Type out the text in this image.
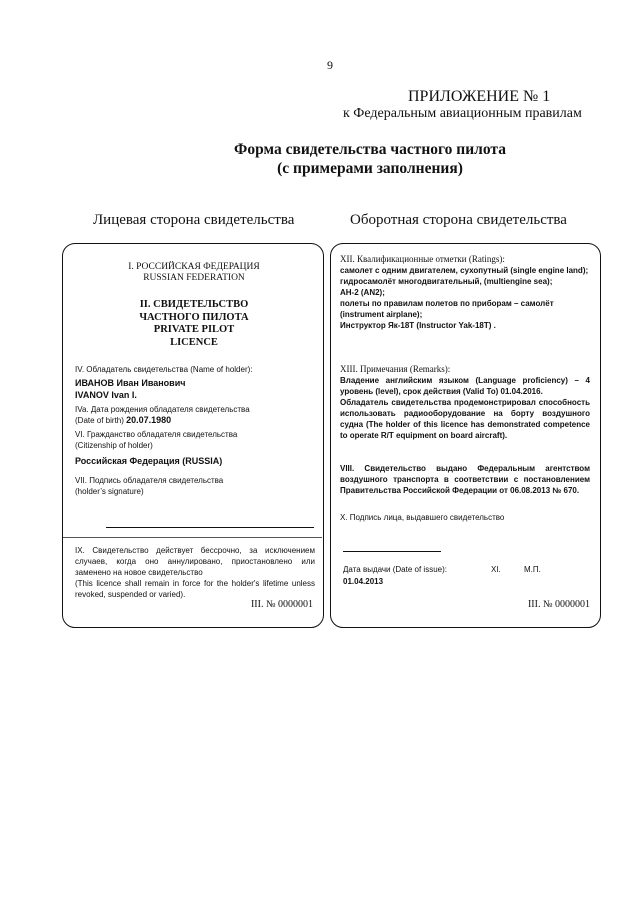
9
ПРИЛОЖЕНИЕ № 1
к Федеральным авиационным правилам
Форма свидетельства частного пилота
(с примерами заполнения)
Лицевая сторона свидетельства	Оборотная сторона свидетельства
I. РОССИЙСКАЯ ФЕДЕРАЦИЯ
RUSSIAN FEDERATION
II. СВИДЕТЕЛЬСТВО
ЧАСТНОГО ПИЛОТА
PRIVATE PILOT
LICENCE
IV. Обладатель свидетельства (Name of holder):
ИВАНОВ Иван Иванович
IVANOV Ivan I.
IVa. Дата рождения обладателя свидетельства
(Date of birth) 20.07.1980
VI. Гражданство обладателя свидетельства
(Citizenship of holder)
Российская Федерация (RUSSIA)
VII. Подпись обладателя свидетельства
(holder’s signature)
IX. Свидетельство действует бессрочно, за исключением случаев, когда оно аннулировано, приостановлено или заменено на новое свидетельство
(This licence shall remain in force for the holder's lifetime unless revoked, suspended or varied).
III. № 0000001
XII. Квалификационные отметки (Ratings):
самолет с одним двигателем, сухопутный (single engine land);
гидросамолёт многодвигательный, (multiengine sea);
АН-2 (AN2);
полеты по правилам полетов по приборам – самолёт (instrument airplane);
Инструктор Як-18Т (Instructor Yak-18T) .
XIII. Примечания (Remarks):
Владение английским языком (Language proficiency) – 4 уровень (level), срок действия (Valid To) 01.04.2016.
Обладатель свидетельства продемонстрировал способность использовать радиооборудование на борту воздушного судна (The holder of this licence has demonstrated competence to operate R/T equipment on board aircraft).
VIII. Свидетельство выдано Федеральным агентством воздушного транспорта в соответствии с постановлением Правительства Российской Федерации от 06.08.2013 № 670.
X. Подпись лица, выдавшего свидетельство
Дата выдачи (Date of issue):	XI.	М.П.
01.04.2013
III. № 0000001
